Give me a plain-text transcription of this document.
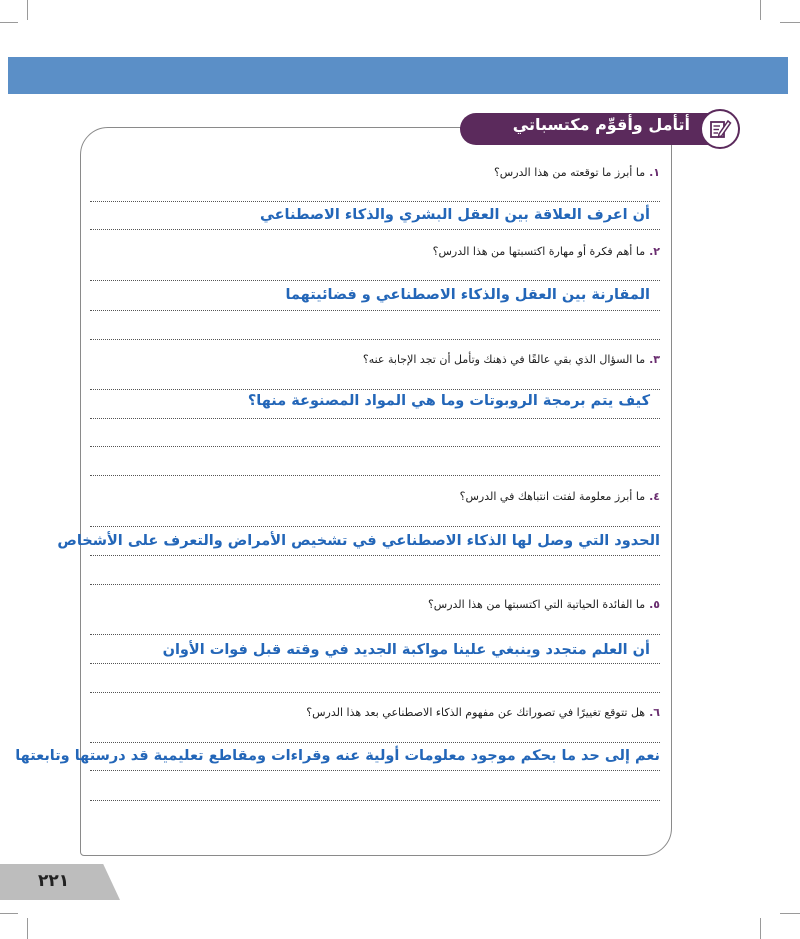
أتأمل وأقوِّم مكتسباتي
١.ما أبرز ما توقعته من هذا الدرس؟
أن اعرف العلاقة بين العقل البشري والذكاء الاصطناعي
٢.ما أهم فكرة أو مهارة اكتسبتها من هذا الدرس؟
المقارنة بين العقل والذكاء الاصطناعي و فضائيتهما
٣.ما السؤال الذي بقي عالقًا في ذهنك وتأمل أن تجد الإجابة عنه؟
كيف يتم برمجة الروبوتات وما هي المواد المصنوعة منها؟
٤.ما أبرز معلومة لفتت انتباهك في الدرس؟
الحدود التي وصل لها الذكاء الاصطناعي في تشخيص الأمراض والتعرف على الأشخاص
٥.ما الفائدة الحياتية التي اكتسبتها من هذا الدرس؟
أن العلم متجدد وينبغي علينا مواكبة الجديد في وقته قبل فوات الأوان
٦.هل تتوقع تغييرًا في تصوراتك عن مفهوم الذكاء الاصطناعي بعد هذا الدرس؟
نعم إلى حد ما بحكم موجود معلومات أولية عنه وقراءات ومقاطع تعليمية قد درستها وتابعتها
٢٢١
